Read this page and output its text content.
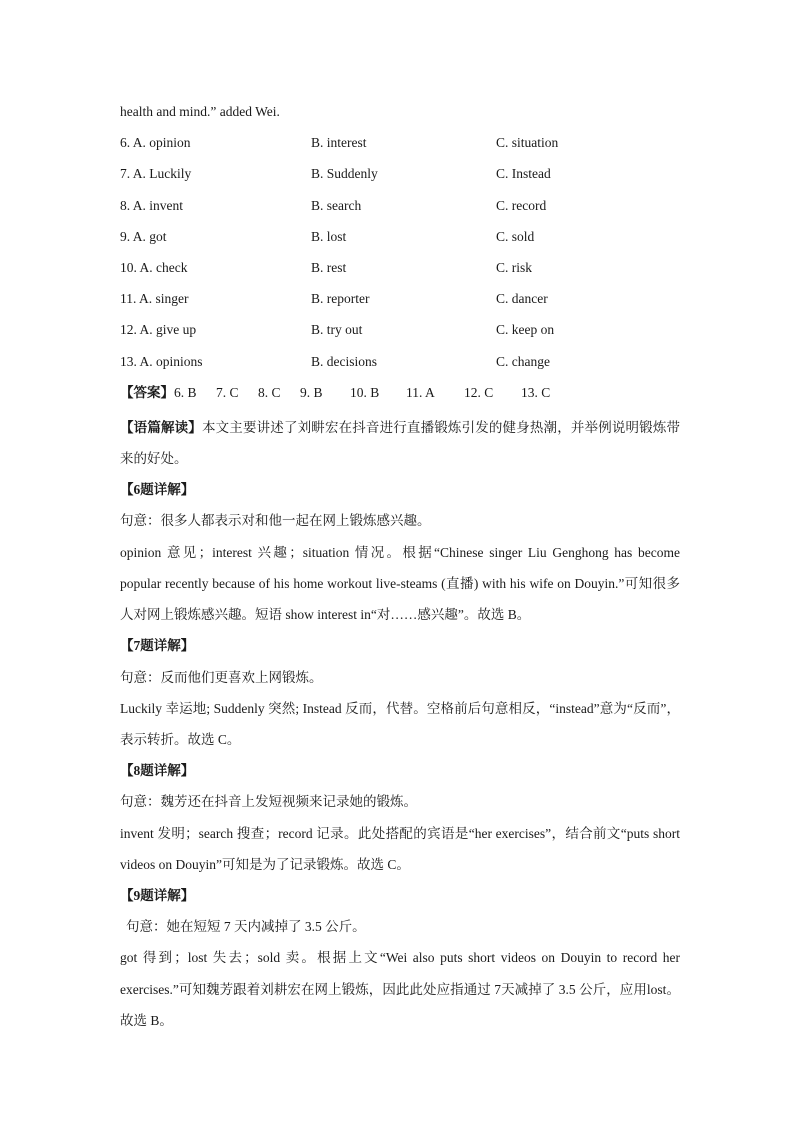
health and mind.” added Wei.
6. A. opinion	B. interest	C. situation
7. A. Luckily	B. Suddenly	C. Instead
8. A. invent	B. search	C. record
9. A. got	B. lost	C. sold
10. A. check	B. rest	C. risk
11. A. singer	B. reporter	C. dancer
12. A. give up	B. try out	C. keep on
13. A. opinions	B. decisions	C. change
【答案】6. B 7. C 8. C 9. B 10. B 11. A 12. C 13. C
【语篇解读】本文主要讲述了刘畊宏在抖音进行直播锻炼引发的健身热潮，并举例说明锻炼带来的好处。
【6题详解】
句意：很多人都表示对和他一起在网上锻炼感兴趣。
opinion 意见；interest 兴趣；situation 情况。根据“Chinese singer Liu Genghong has become popular recently because of his home workout live-steams (直播) with his wife on Douyin.”可知很多人对网上锻炼感兴趣。短语 show interest in“对……感兴趣”。故选 B。
【7题详解】
句意：反而他们更喜欢上网锻炼。
Luckily 幸运地; Suddenly 突然; Instead 反而，代替。空格前后句意相反，“instead”意为“反而”，表示转折。故选 C。
【8题详解】
句意：魏芳还在抖音上发短视频来记录她的锻炼。
invent 发明；search 搜查；record 记录。此处搭配的宾语是“her exercises”，结合前文“puts short videos on Douyin”可知是为了记录锻炼。故选 C。
【9题详解】
句意：她在短短 7 天内减掉了 3.5 公斤。
got 得到；lost 失去；sold 卖。根据上文“Wei also puts short videos on Douyin to record her exercises.”可知魏芳跟着刘耕宏在网上锻炼，因此此处应指通过 7天减掉了 3.5 公斤，应用lost。故选 B。
